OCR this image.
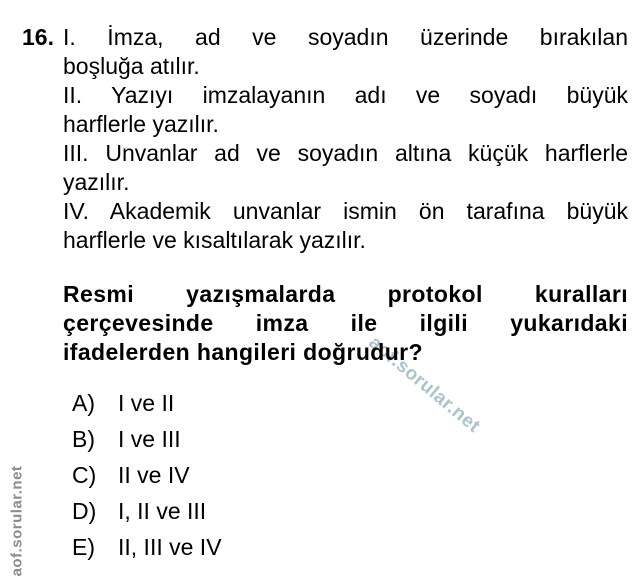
aof.sorular.net
aof.sorular.net
16. I. İmza, ad ve soyadın üzerinde bırakılan
boşluğa atılır.
II. Yazıyı imzalayanın adı ve soyadı büyük
harflerle yazılır.
III. Unvanlar ad ve soyadın altına küçük harflerle
yazılır.
IV. Akademik unvanlar ismin ön tarafına büyük
harflerle ve kısaltılarak yazılır.
Resmi yazışmalarda protokol kuralları
çerçevesinde imza ile ilgili yukarıdaki
ifadelerden hangileri doğrudur?
A)	I ve II
B)	I ve III
C) II ve IV
D) I, II ve III
E)	II, III ve IV
